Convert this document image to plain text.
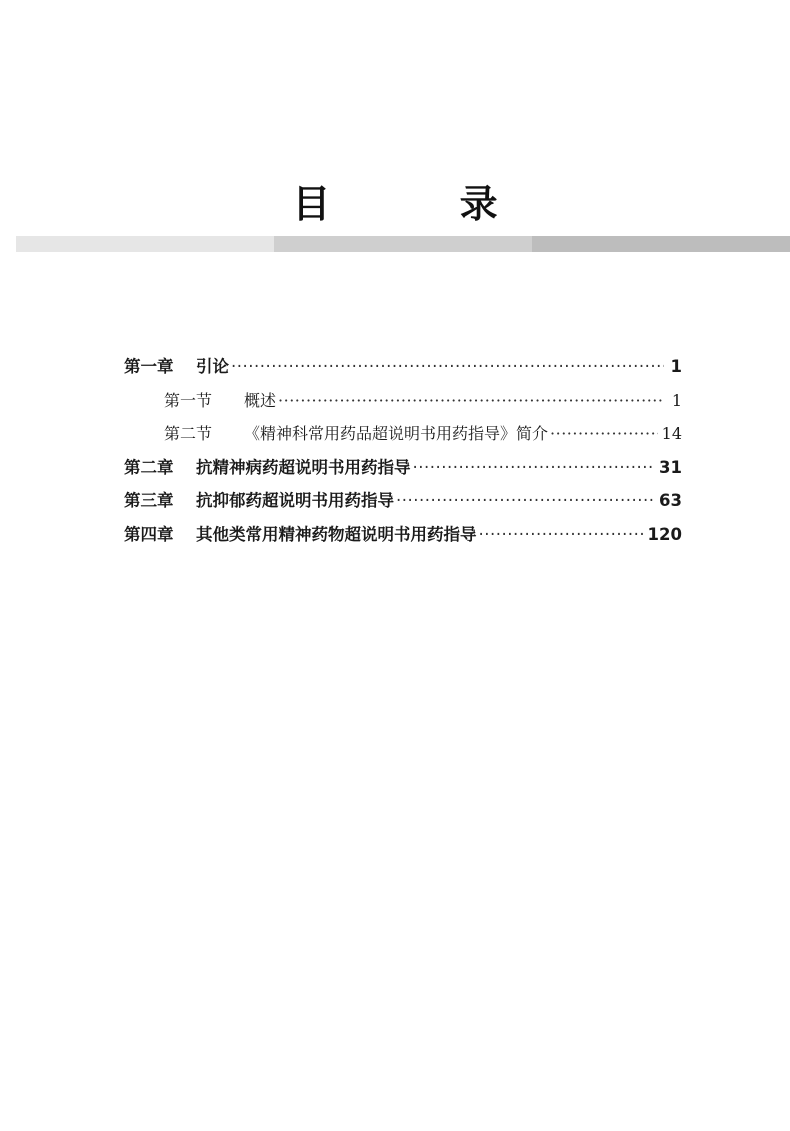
目 录
第一章	引论 ·····	1
第一节	概述 ·····	1
第二节	《精神科常用药品超说明书用药指导》简介 ·····	14
第二章	抗精神病药超说明书用药指导 ·····	31
第三章	抗抑郁药超说明书用药指导 ·····	63
第四章	其他类常用精神药物超说明书用药指导 ·····	120
